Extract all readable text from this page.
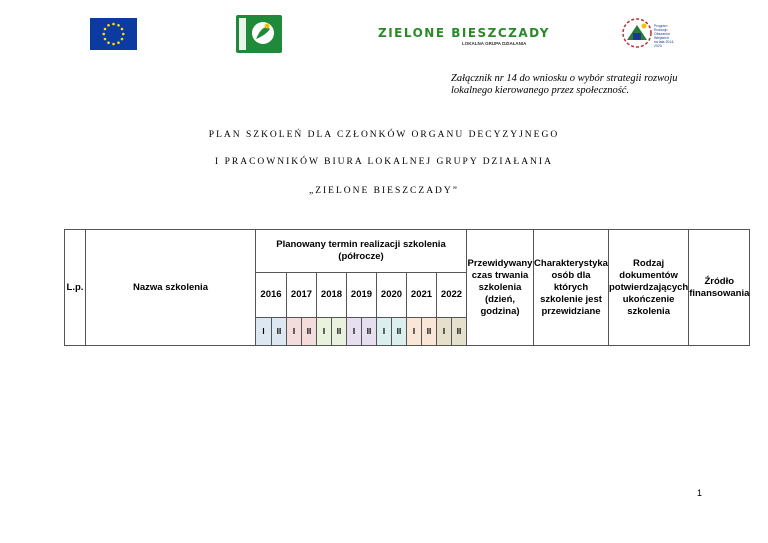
ZIELONE BIESZCZADY
LOKALNA GRUPA DZIAŁANIA
Program
Rozwoju
Obszarów
Wiejskich
na lata 2014-2020
Załącznik nr 14 do wniosku o wybór strategii rozwoju
lokalnego kierowanego przez społeczność.
PLAN SZKOLEŃ DLA CZŁONKÓW ORGANU DECYZYJNEGO
I PRACOWNIKÓW BIURA LOKALNEJ GRUPY DZIAŁANIA
„ZIELONE BIESZCZADY”
L.p.	Nazwa szkolenia	Planowany termin realizacji szkolenia (półrocze)														Przewidywany czas trwania szkolenia (dzień, godzina)	Charakterystyka osób dla których szkolenie jest przewidziane	Rodzaj dokumentów potwierdzających ukończenie szkolenia	Źródło finansowania
		2016		2017		2018		2019		2020		2021		2022					
		I	II	I	II	I	II	I	II	I	II	I	II	I	II				
1
